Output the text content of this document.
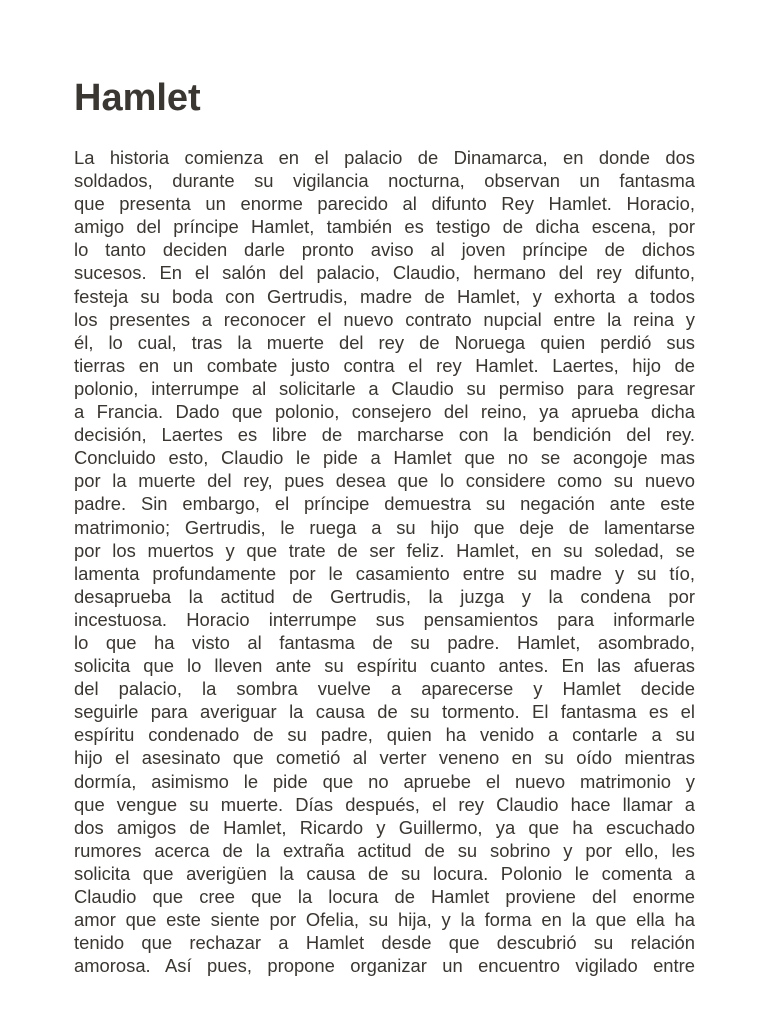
Hamlet
La historia comienza en el palacio de Dinamarca, en donde dos
soldados, durante su vigilancia nocturna, observan un fantasma
que presenta un enorme parecido al difunto Rey Hamlet. Horacio,
amigo del príncipe Hamlet, también es testigo de dicha escena, por
lo tanto deciden darle pronto aviso al joven príncipe de dichos
sucesos. En el salón del palacio, Claudio, hermano del rey difunto,
festeja su boda con Gertrudis, madre de Hamlet, y exhorta a todos
los presentes a reconocer el nuevo contrato nupcial entre la reina y
él, lo cual, tras la muerte del rey de Noruega quien perdió sus
tierras en un combate justo contra el rey Hamlet. Laertes, hijo de
polonio, interrumpe al solicitarle a Claudio su permiso para regresar
a Francia. Dado que polonio, consejero del reino, ya aprueba dicha
decisión, Laertes es libre de marcharse con la bendición del rey.
Concluido esto, Claudio le pide a Hamlet que no se acongoje mas
por la muerte del rey, pues desea que lo considere como su nuevo
padre. Sin embargo, el príncipe demuestra su negación ante este
matrimonio; Gertrudis, le ruega a su hijo que deje de lamentarse
por los muertos y que trate de ser feliz. Hamlet, en su soledad, se
lamenta profundamente por le casamiento entre su madre y su tío,
desaprueba la actitud de Gertrudis, la juzga y la condena por
incestuosa. Horacio interrumpe sus pensamientos para informarle
lo que ha visto al fantasma de su padre. Hamlet, asombrado,
solicita que lo lleven ante su espíritu cuanto antes. En las afueras
del palacio, la sombra vuelve a aparecerse y Hamlet decide
seguirle para averiguar la causa de su tormento. El fantasma es el
espíritu condenado de su padre, quien ha venido a contarle a su
hijo el asesinato que cometió al verter veneno en su oído mientras
dormía, asimismo le pide que no apruebe el nuevo matrimonio y
que vengue su muerte. Días después, el rey Claudio hace llamar a
dos amigos de Hamlet, Ricardo y Guillermo, ya que ha escuchado
rumores acerca de la extraña actitud de su sobrino y por ello, les
solicita que averigüen la causa de su locura. Polonio le comenta a
Claudio que cree que la locura de Hamlet proviene del enorme
amor que este siente por Ofelia, su hija, y la forma en la que ella ha
tenido que rechazar a Hamlet desde que descubrió su relación
amorosa. Así pues, propone organizar un encuentro vigilado entre
